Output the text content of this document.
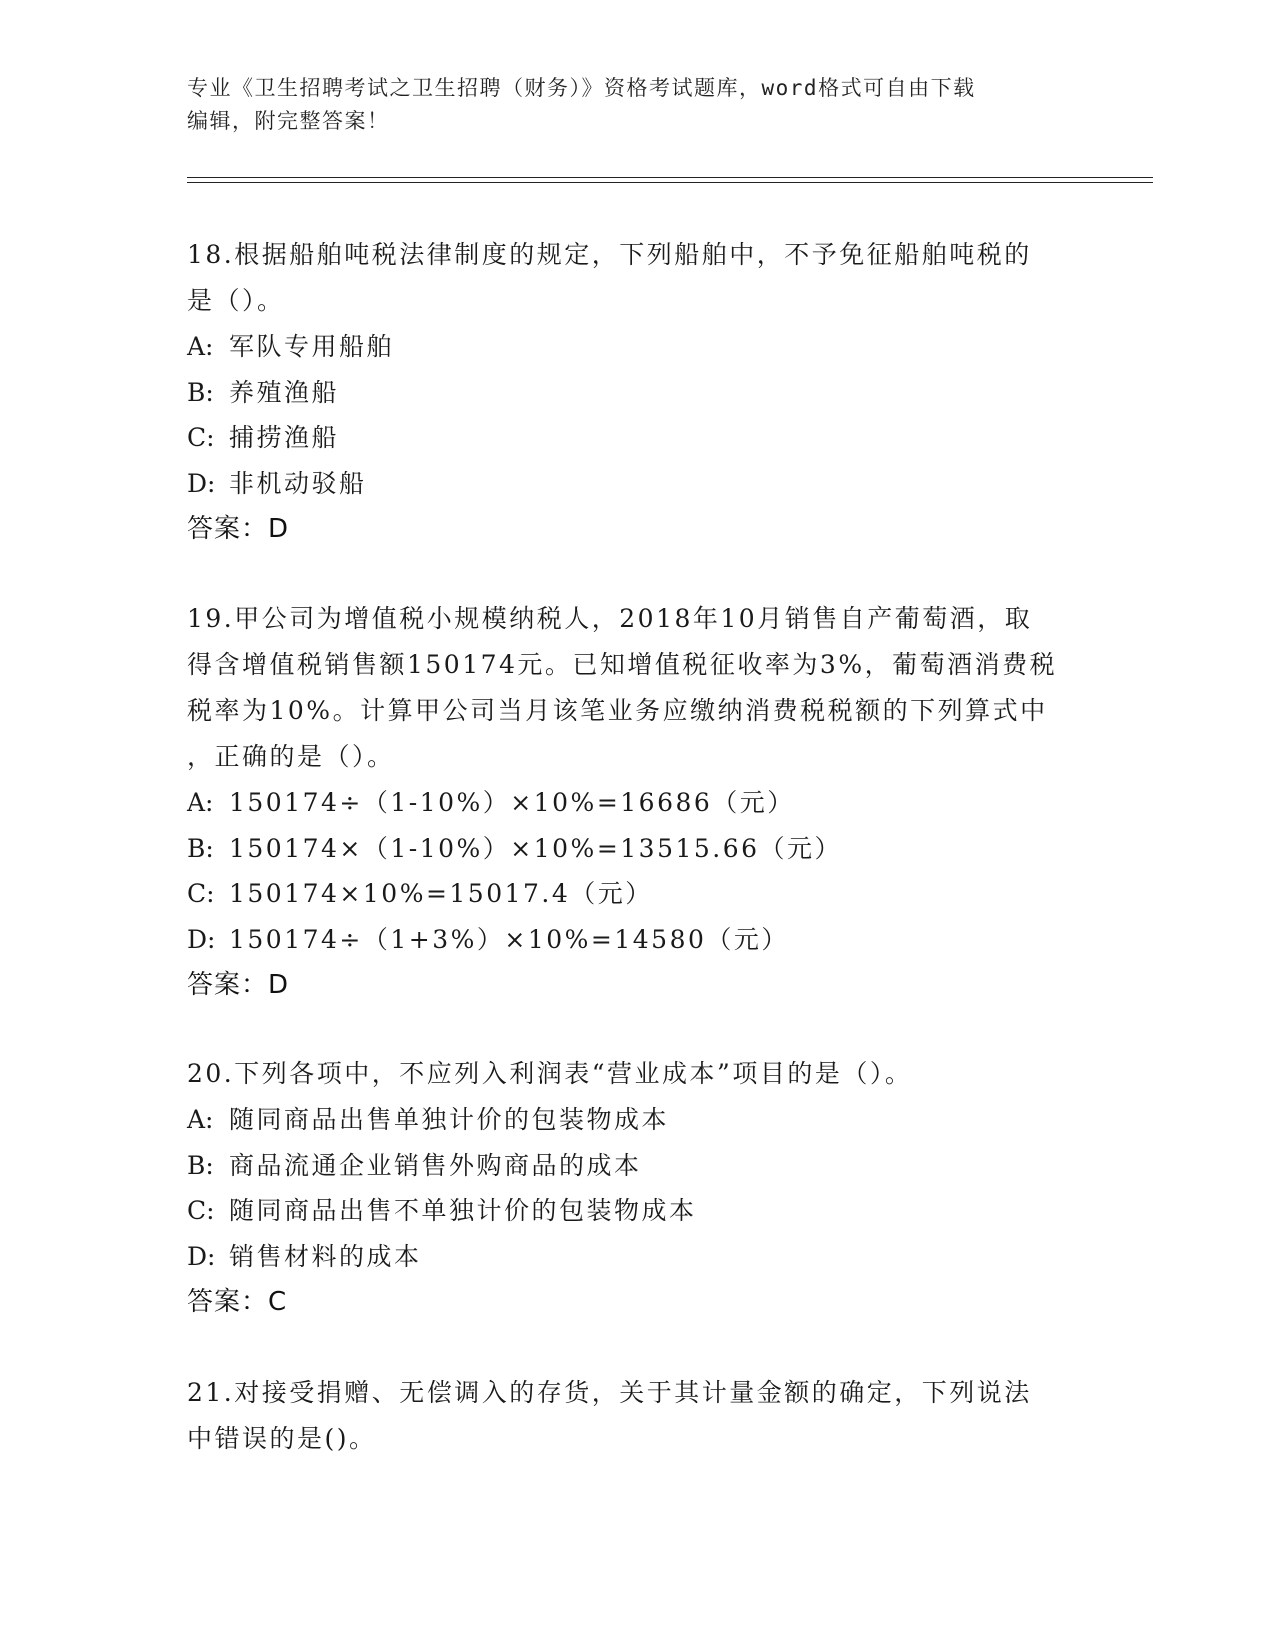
专业《卫生招聘考试之卫生招聘（财务）》资格考试题库，word格式可自由下载
编辑，附完整答案！
18.根据船舶吨税法律制度的规定，下列船舶中，不予免征船舶吨税的
是（）。
A: 军队专用船舶
B: 养殖渔船
C: 捕捞渔船
D: 非机动驳船
答案：D
19.甲公司为增值税小规模纳税人，2018年10月销售自产葡萄酒，取
得含增值税销售额150174元。已知增值税征收率为3%，葡萄酒消费税
税率为10%。计算甲公司当月该笔业务应缴纳消费税税额的下列算式中
，正确的是（）。
A: 150174÷（1-10%）×10%=16686（元）
B: 150174×（1-10%）×10%=13515.66（元）
C: 150174×10%=15017.4（元）
D: 150174÷（1+3%）×10%=14580（元）
答案：D
20.下列各项中，不应列入利润表“营业成本”项目的是（）。
A: 随同商品出售单独计价的包装物成本
B: 商品流通企业销售外购商品的成本
C: 随同商品出售不单独计价的包装物成本
D: 销售材料的成本
答案：C
21.对接受捐赠、无偿调入的存货，关于其计量金额的确定，下列说法
中错误的是()。
